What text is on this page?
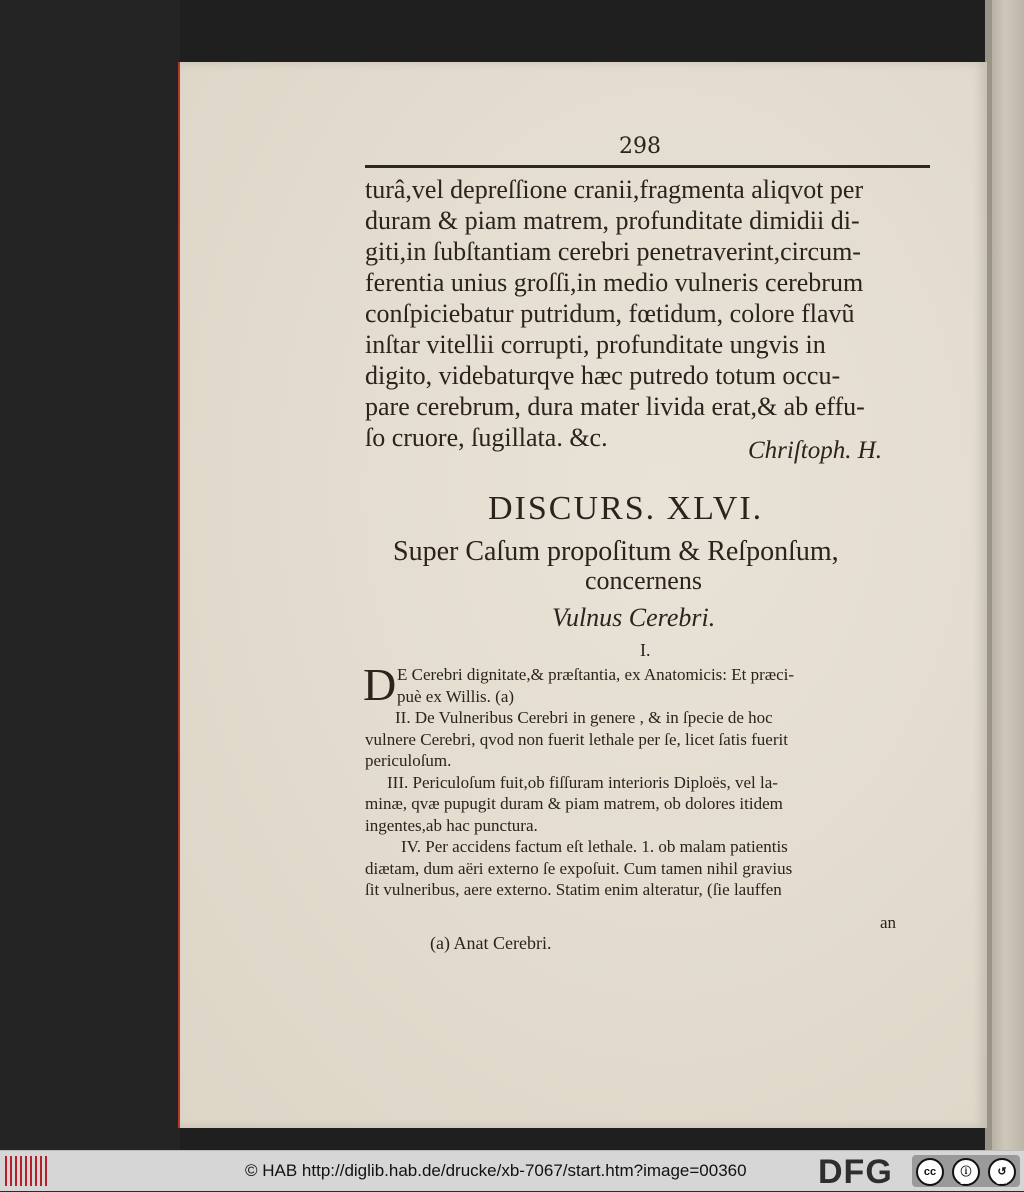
298
turâ,vel depreſſione cranii,fragmenta aliqvot per
duram & piam matrem, profunditate dimidii di-
giti,in ſubſtantiam cerebri penetraverint,circum-
ferentia unius groſſi,in medio vulneris cerebrum
conſpiciebatur putridum, fœtidum, colore flavũ
inſtar vitellii corrupti, profunditate ungvis in
digito, videbaturqve hæc putredo totum occu-
pare cerebrum, dura mater livida erat,& ab effu-
ſo cruore, ſugillata. &c.	Chriſtoph. H.
DISCURS. XLVI.
Super Caſum propoſitum & Reſponſum,
concernens
Vulnus Cerebri.
I.
D E Cerebri dignitate,& præſtantia, ex Anatomicis: Et præci-
puè ex Willis. (a)
II. De Vulneribus Cerebri in genere , & in ſpecie de hoc
vulnere Cerebri, qvod non fuerit lethale per ſe, licet ſatis fuerit
periculoſum.
III. Periculoſum fuit,ob fiſſuram interioris Diploës, vel la-
minæ, qvæ pupugit duram & piam matrem, ob dolores itidem
ingentes,ab hac punctura.
IV. Per accidens factum eſt lethale. 1. ob malam patientis
diætam, dum aëri externo ſe expoſuit. Cum tamen nihil gravius
ſit vulneribus, aere externo. Statim enim alteratur, (ſie lauffen
an
(a) Anat Cerebri.
© HAB http://diglib.hab.de/drucke/xb-7067/start.htm?image=00360 DFG	cc	ⓘ	↺
BY	SA
